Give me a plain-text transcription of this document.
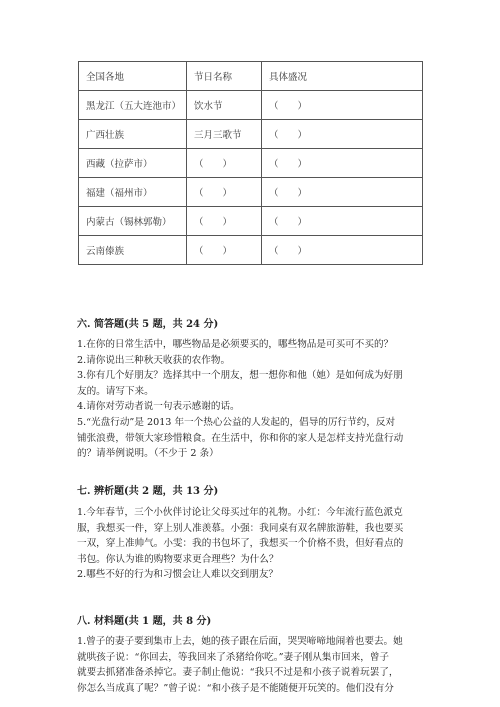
全国各地	节日名称	具体盛况
黑龙江（五大连池市）	饮水节	（　　）
广西壮族	三月三歌节	（　　）
西藏（拉萨市）	（　　）	（　　）
福建（福州市）	（　　）	（　　）
内蒙古（锡林郭勒）	（　　）	（　　）
云南傣族	（　　）	（　　）
六. 简答题(共 5 题，共 24 分)
1.在你的日常生活中，哪些物品是必须要买的，哪些物品是可买可不买的？
2.请你说出三种秋天收获的农作物。
3.你有几个好朋友？选择其中一个朋友，想一想你和他（她）是如何成为好朋
友的。请写下来。
4.请你对劳动者说一句表示感谢的话。
5.“光盘行动”是 2013 年一个热心公益的人发起的，倡导的厉行节约，反对
铺张浪费，带领大家珍惜粮食。在生活中，你和你的家人是怎样支持光盘行动
的？请举例说明。（不少于 2 条）
七. 辨析题(共 2 题，共 13 分)
1.今年春节，三个小伙伴讨论让父母买过年的礼物。小红：今年流行蓝色派克
服，我想买一件，穿上别人准羡慕。小强：我同桌有双名牌旅游鞋，我也要买
一双，穿上准帅气。小雯：我的书包坏了，我想买一个价格不贵，但好看点的
书包。你认为谁的购物要求更合理些？为什么？
2.哪些不好的行为和习惯会让人难以交到朋友？
八. 材料题(共 1 题，共 8 分)
1.曾子的妻子要到集市上去，她的孩子跟在后面，哭哭啼啼地闹着也要去。她
就哄孩子说：“你回去，等我回来了杀猪给你吃。”妻子刚从集市回来，曾子
就要去抓猪准备杀掉它。妻子制止他说：“我只不过是和小孩子说着玩罢了，
你怎么当成真了呢？”曾子说：“和小孩子是不能随便开玩笑的。他们没有分
